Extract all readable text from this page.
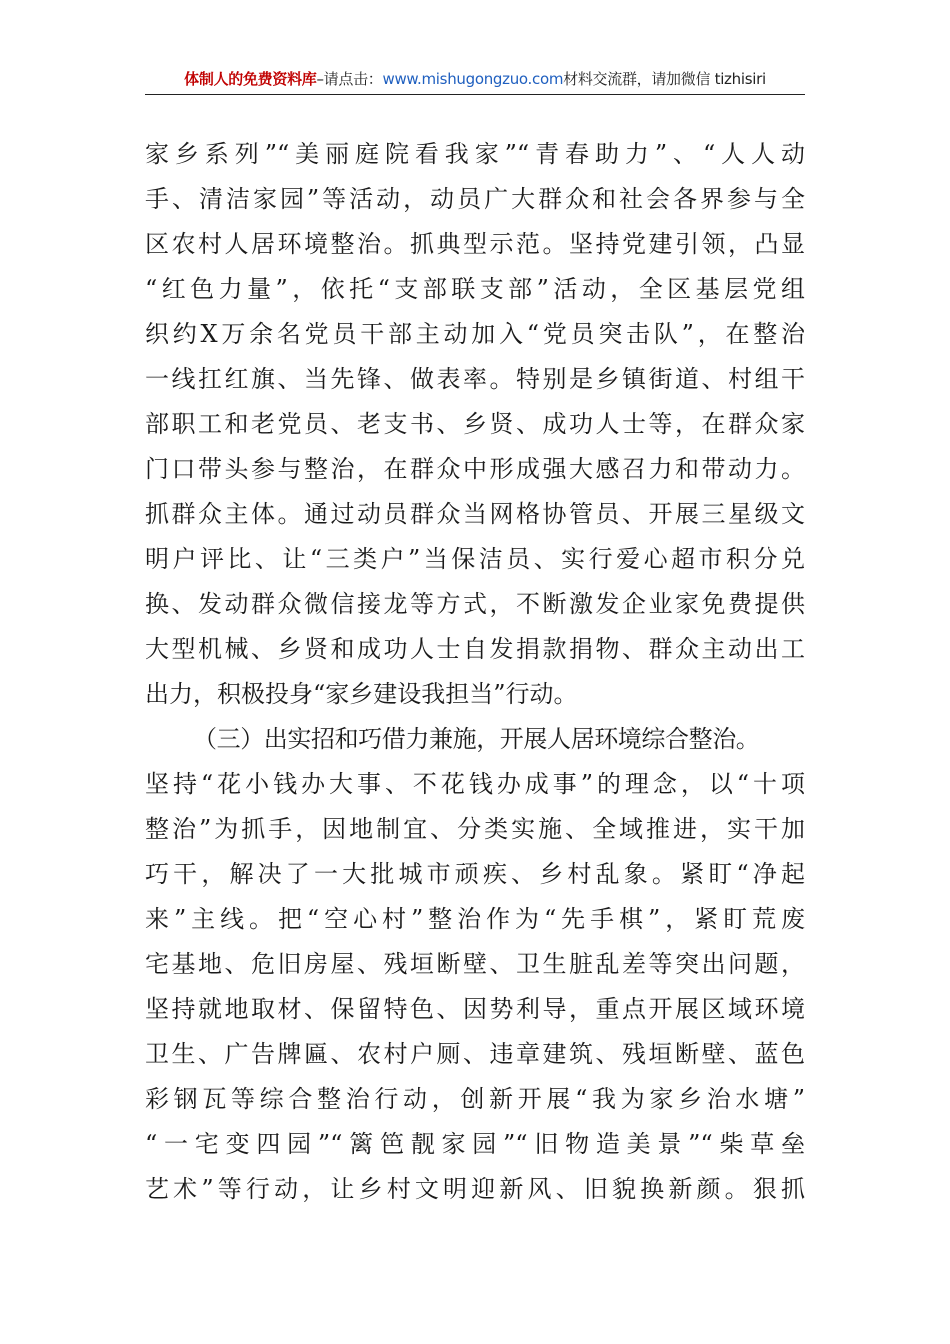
体制人的免费资料库–请点击：www.mishugongzuo.com材料交流群，请加微信 tizhisiri
家乡系列”“美丽庭院看我家”“青春助力”、“人人动
手、清洁家园”等活动，动员广大群众和社会各界参与全
区农村人居环境整治。抓典型示范。坚持党建引领，凸显
“红色力量”，依托“支部联支部”活动，全区基层党组
织约X万余名党员干部主动加入“党员突击队”，在整治
一线扛红旗、当先锋、做表率。特别是乡镇街道、村组干
部职工和老党员、老支书、乡贤、成功人士等，在群众家
门口带头参与整治，在群众中形成强大感召力和带动力。
抓群众主体。通过动员群众当网格协管员、开展三星级文
明户评比、让“三类户”当保洁员、实行爱心超市积分兑
换、发动群众微信接龙等方式，不断激发企业家免费提供
大型机械、乡贤和成功人士自发捐款捐物、群众主动出工
出力，积极投身“家乡建设我担当”行动。
（三）出实招和巧借力兼施，开展人居环境综合整治。
坚持“花小钱办大事、不花钱办成事”的理念，以“十项
整治”为抓手，因地制宜、分类实施、全域推进，实干加
巧干，解决了一大批城市顽疾、乡村乱象。紧盯“净起
来”主线。把“空心村”整治作为“先手棋”，紧盯荒废
宅基地、危旧房屋、残垣断壁、卫生脏乱差等突出问题，
坚持就地取材、保留特色、因势利导，重点开展区域环境
卫生、广告牌匾、农村户厕、违章建筑、残垣断壁、蓝色
彩钢瓦等综合整治行动，创新开展“我为家乡治水塘”
“一宅变四园”“篱笆靓家园”“旧物造美景”“柴草垒
艺术”等行动，让乡村文明迎新风、旧貌换新颜。狠抓
